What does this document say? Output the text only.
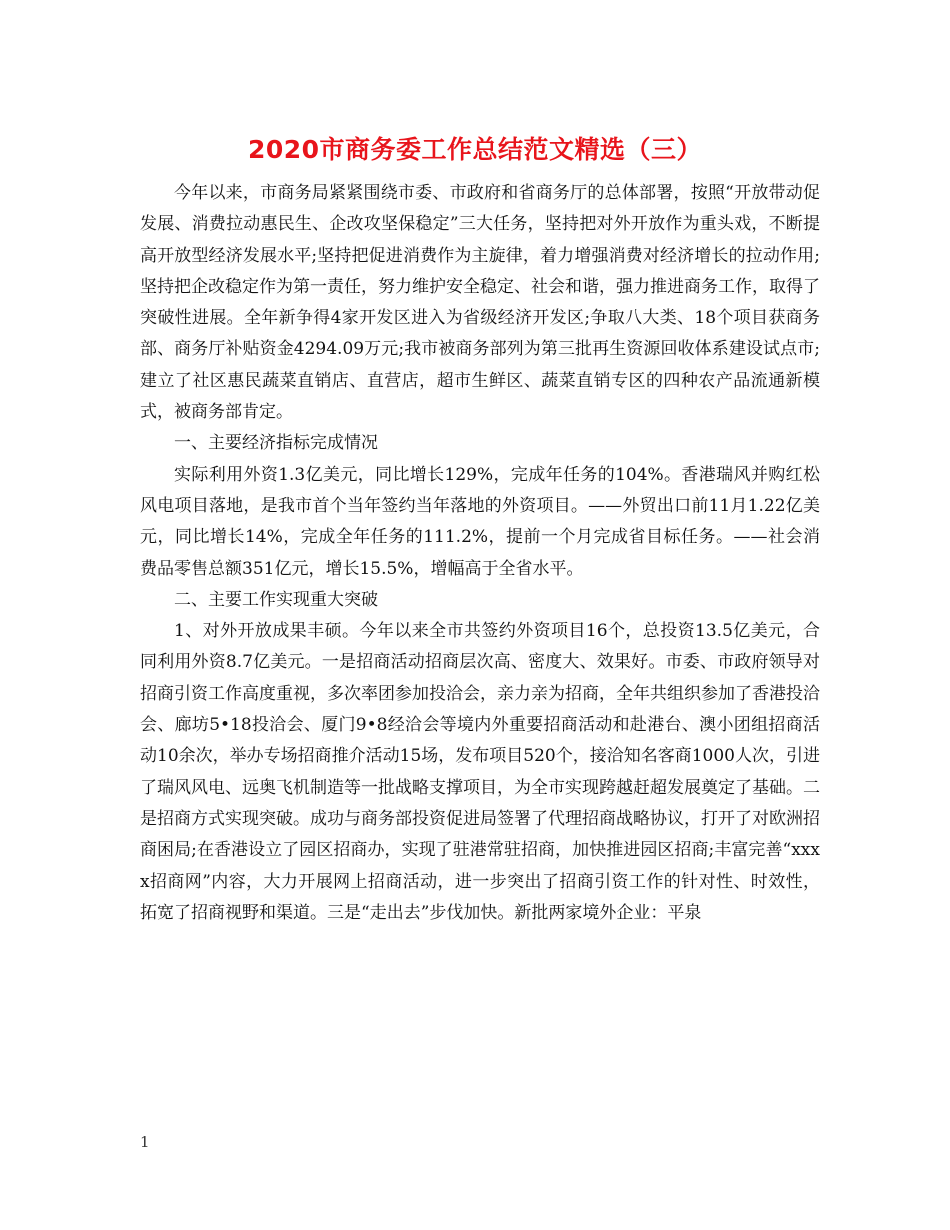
2020市商务委工作总结范文精选（三）

今年以来，市商务局紧紧围绕市委、市政府和省商务厅的总体部署，按照“开放带动促发展、消费拉动惠民生、企改攻坚保稳定”三大任务，坚持把对外开放作为重头戏，不断提高开放型经济发展水平;坚持把促进消费作为主旋律，着力增强消费对经济增长的拉动作用;坚持把企改稳定作为第一责任，努力维护安全稳定、社会和谐，强力推进商务工作，取得了突破性进展。全年新争得4家开发区进入为省级经济开发区;争取八大类、18个项目获商务部、商务厅补贴资金4294.09万元;我市被商务部列为第三批再生资源回收体系建设试点市;建立了社区惠民蔬菜直销店、直营店，超市生鲜区、蔬菜直销专区的四种农产品流通新模式，被商务部肯定。

一、主要经济指标完成情况

实际利用外资1.3亿美元，同比增长129%，完成年任务的104%。香港瑞风并购红松风电项目落地，是我市首个当年签约当年落地的外资项目。——外贸出口前11月1.22亿美元，同比增长14%，完成全年任务的111.2%，提前一个月完成省目标任务。——社会消费品零售总额351亿元，增长15.5%，增幅高于全省水平。

二、主要工作实现重大突破

1、对外开放成果丰硕。今年以来全市共签约外资项目16个，总投资13.5亿美元，合同利用外资8.7亿美元。一是招商活动招商层次高、密度大、效果好。市委、市政府领导对招商引资工作高度重视，多次率团参加投洽会，亲力亲为招商，全年共组织参加了香港投洽会、廊坊5•18投洽会、厦门9•8经洽会等境内外重要招商活动和赴港台、澳小团组招商活动10余次，举办专场招商推介活动15场，发布项目520个，接洽知名客商1000人次，引进了瑞风风电、远奥飞机制造等一批战略支撑项目，为全市实现跨越赶超发展奠定了基础。二是招商方式实现突破。成功与商务部投资促进局签署了代理招商战略协议，打开了对欧洲招商困局;在香港设立了园区招商办，实现了驻港常驻招商，加快推进园区招商;丰富完善“xxxx招商网”内容，大力开展网上招商活动，进一步突出了招商引资工作的针对性、时效性，拓宽了招商视野和渠道。三是“走出去”步伐加快。新批两家境外企业：平泉

1
